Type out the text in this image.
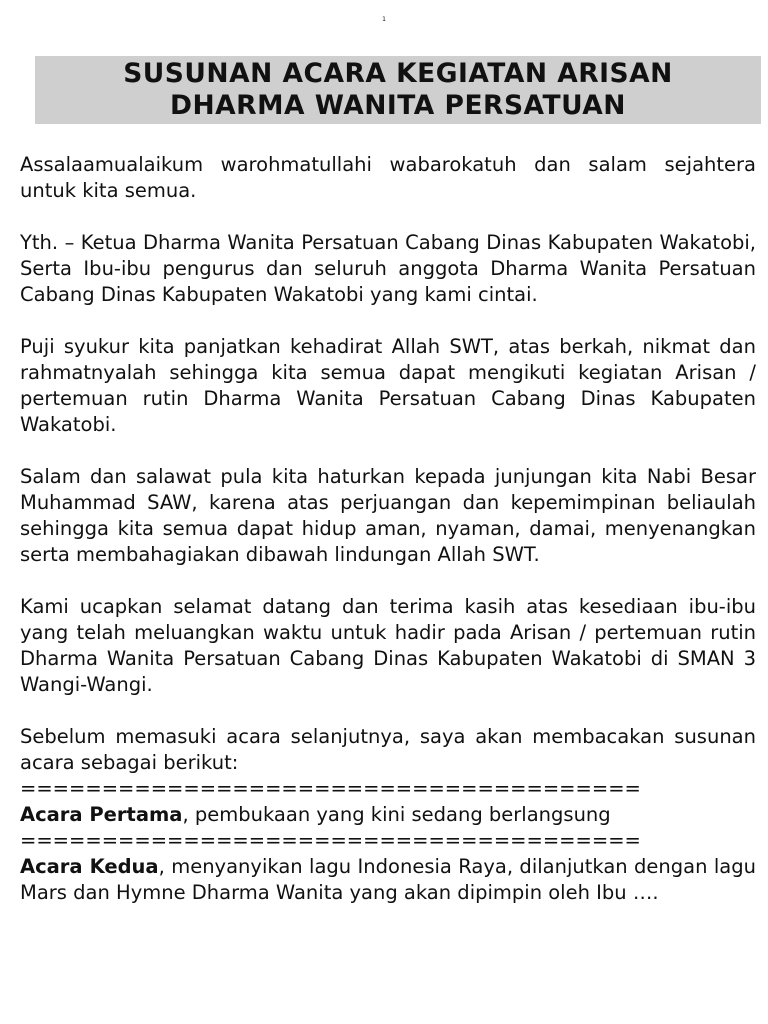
1
SUSUNAN ACARA KEGIATAN ARISAN
DHARMA WANITA PERSATUAN

Assalaamualaikum warohmatullahi wabarokatuh dan salam sejahtera untuk kita semua.

Yth. – Ketua Dharma Wanita Persatuan Cabang Dinas Kabupaten Wakatobi, Serta Ibu-ibu pengurus dan seluruh anggota Dharma Wanita Persatuan Cabang Dinas Kabupaten Wakatobi yang kami cintai.

Puji syukur kita panjatkan kehadirat Allah SWT, atas berkah, nikmat dan rahmatnyalah sehingga kita semua dapat mengikuti kegiatan Arisan / pertemuan rutin Dharma Wanita Persatuan Cabang Dinas Kabupaten Wakatobi.

Salam dan salawat pula kita haturkan kepada junjungan kita Nabi Besar Muhammad SAW, karena atas perjuangan dan kepemimpinan beliaulah sehingga kita semua dapat hidup aman, nyaman, damai, menyenangkan serta membahagiakan dibawah lindungan Allah SWT.

Kami ucapkan selamat datang dan terima kasih atas kesediaan ibu-ibu yang telah meluangkan waktu untuk hadir pada Arisan / pertemuan rutin Dharma Wanita Persatuan Cabang Dinas Kabupaten Wakatobi di SMAN 3 Wangi-Wangi.

Sebelum memasuki acara selanjutnya, saya akan membacakan susunan acara sebagai berikut:

======================================

Acara Pertama, pembukaan yang kini sedang berlangsung

======================================

Acara Kedua, menyanyikan lagu Indonesia Raya, dilanjutkan dengan lagu Mars dan Hymne Dharma Wanita yang akan dipimpin oleh Ibu ….
